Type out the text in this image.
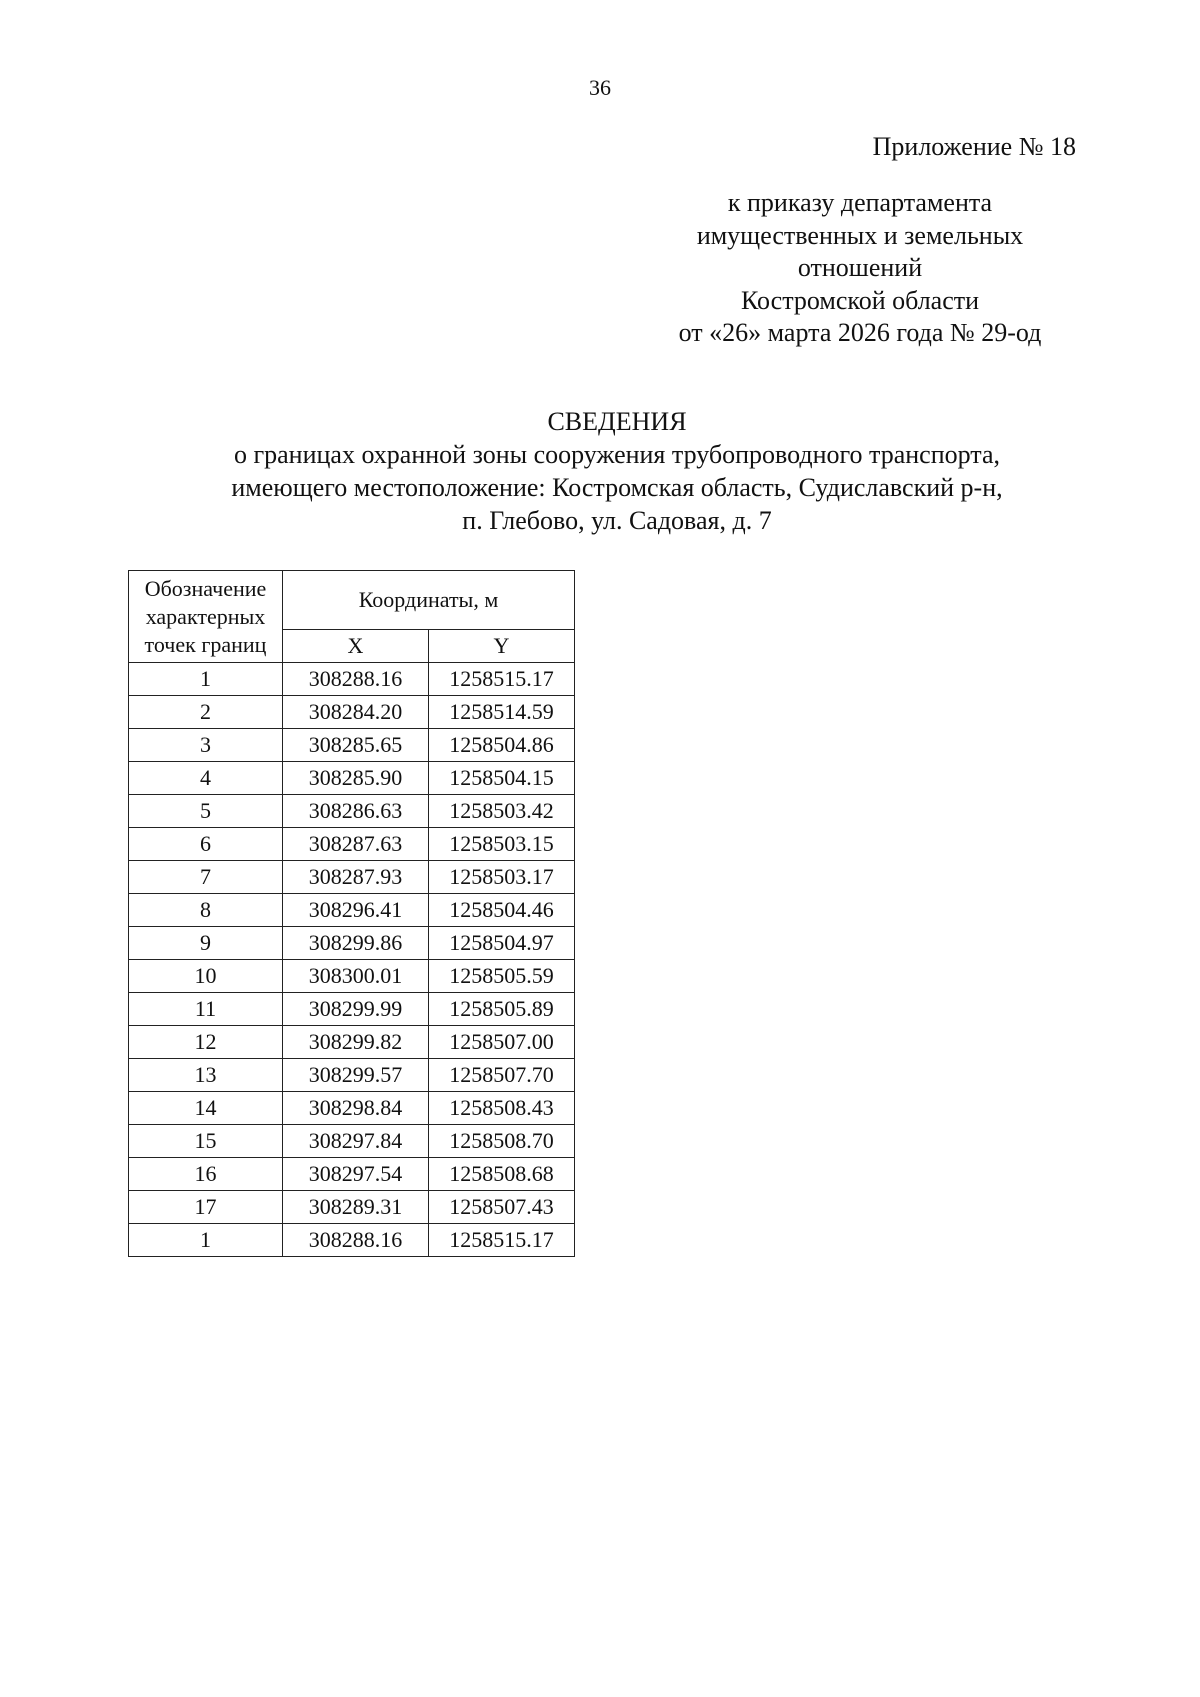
36
Приложение № 18
к приказу департамента
имущественных и земельных
отношений
Костромской области
от «26» марта 2026 года № 29-од
СВЕДЕНИЯ
о границах охранной зоны сооружения трубопроводного транспорта,
имеющего местоположение: Костромская область, Судиславский р-н,
п. Глебово, ул. Садовая, д. 7
Обозначение характерных точек границ	Координаты, м	
	X	Y
1	308288.16	1258515.17
2	308284.20	1258514.59
3	308285.65	1258504.86
4	308285.90	1258504.15
5	308286.63	1258503.42
6	308287.63	1258503.15
7	308287.93	1258503.17
8	308296.41	1258504.46
9	308299.86	1258504.97
10	308300.01	1258505.59
11	308299.99	1258505.89
12	308299.82	1258507.00
13	308299.57	1258507.70
14	308298.84	1258508.43
15	308297.84	1258508.70
16	308297.54	1258508.68
17	308289.31	1258507.43
1	308288.16	1258515.17
